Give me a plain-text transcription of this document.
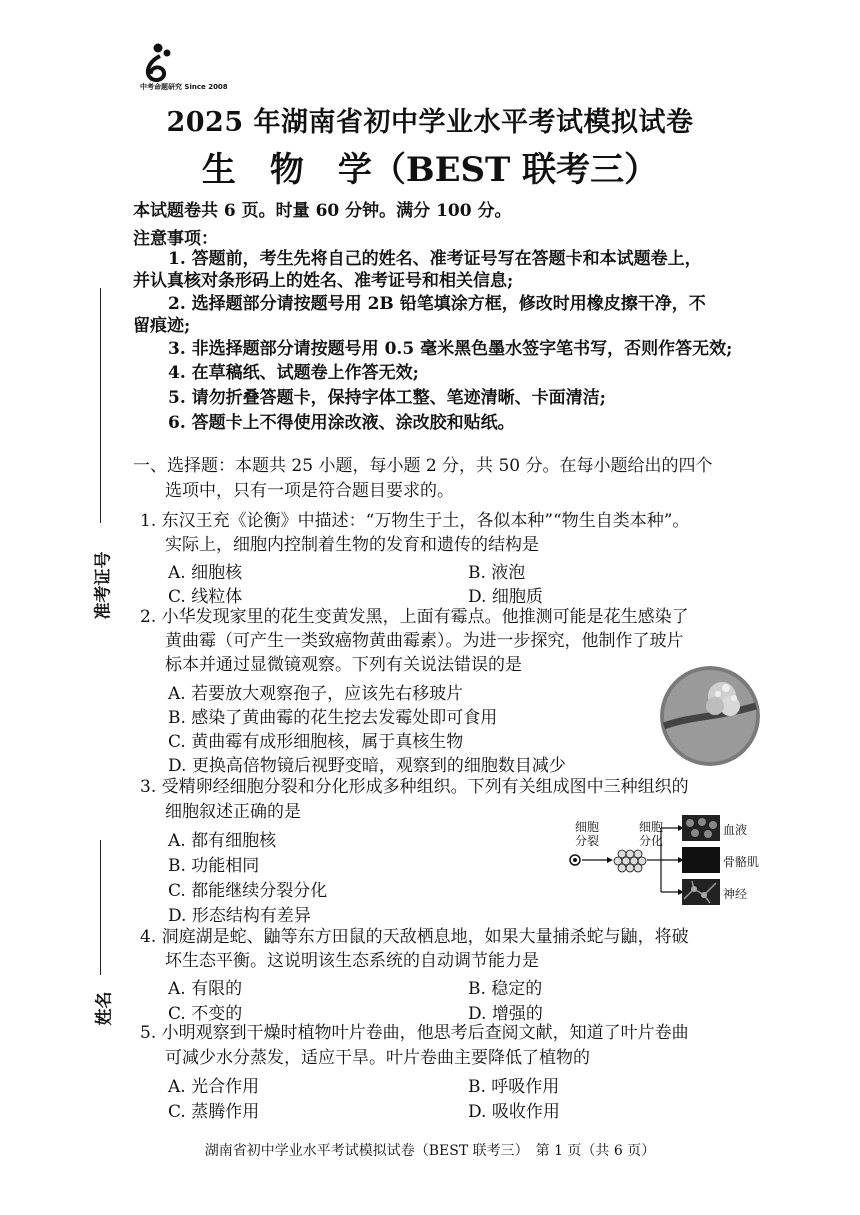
中考命题研究 Since 2008
2025 年湖南省初中学业水平考试模拟试卷
生　物　学（BEST 联考三）
本试题卷共 6 页。时量 60 分钟。满分 100 分。
注意事项：
1. 答题前，考生先将自己的姓名、准考证号写在答题卡和本试题卷上，
并认真核对条形码上的姓名、准考证号和相关信息;
2. 选择题部分请按题号用 2B 铅笔填涂方框，修改时用橡皮擦干净，不
留痕迹;
3. 非选择题部分请按题号用 0.5 毫米黑色墨水签字笔书写，否则作答无效;
4. 在草稿纸、试题卷上作答无效;
5. 请勿折叠答题卡，保持字体工整、笔迹清晰、卡面清洁;
6. 答题卡上不得使用涂改液、涂改胶和贴纸。
准考证号
姓名
一、选择题：本题共 25 小题，每小题 2 分，共 50 分。在每小题给出的四个
选项中，只有一项是符合题目要求的。
1. 东汉王充《论衡》中描述：“万物生于土，各似本种”“物生自类本种”。
实际上，细胞内控制着生物的发育和遗传的结构是
A. 细胞核	B. 液泡
C. 线粒体	D. 细胞质
2. 小华发现家里的花生变黄发黑，上面有霉点。他推测可能是花生感染了
黄曲霉（可产生一类致癌物黄曲霉素）。为进一步探究，他制作了玻片
标本并通过显微镜观察。下列有关说法错误的是
A. 若要放大观察孢子，应该先右移玻片
B. 感染了黄曲霉的花生挖去发霉处即可食用
C. 黄曲霉有成形细胞核，属于真核生物
D. 更换高倍物镜后视野变暗，观察到的细胞数目减少
3. 受精卵经细胞分裂和分化形成多种组织。下列有关组成图中三种组织的
细胞叙述正确的是
A. 都有细胞核
B. 功能相同
C. 都能继续分裂分化
D. 形态结构有差异
细胞
分裂
细胞
分化
血液
骨骼肌
神经
4. 洞庭湖是蛇、鼬等东方田鼠的天敌栖息地，如果大量捕杀蛇与鼬，将破
坏生态平衡。这说明该生态系统的自动调节能力是
A. 有限的	B. 稳定的
C. 不变的	D. 增强的
5. 小明观察到干燥时植物叶片卷曲，他思考后查阅文献，知道了叶片卷曲
可减少水分蒸发，适应干旱。叶片卷曲主要降低了植物的
A. 光合作用	B. 呼吸作用
C. 蒸腾作用	D. 吸收作用
湖南省初中学业水平考试模拟试卷（BEST 联考三）　第 1 页（共 6 页）
